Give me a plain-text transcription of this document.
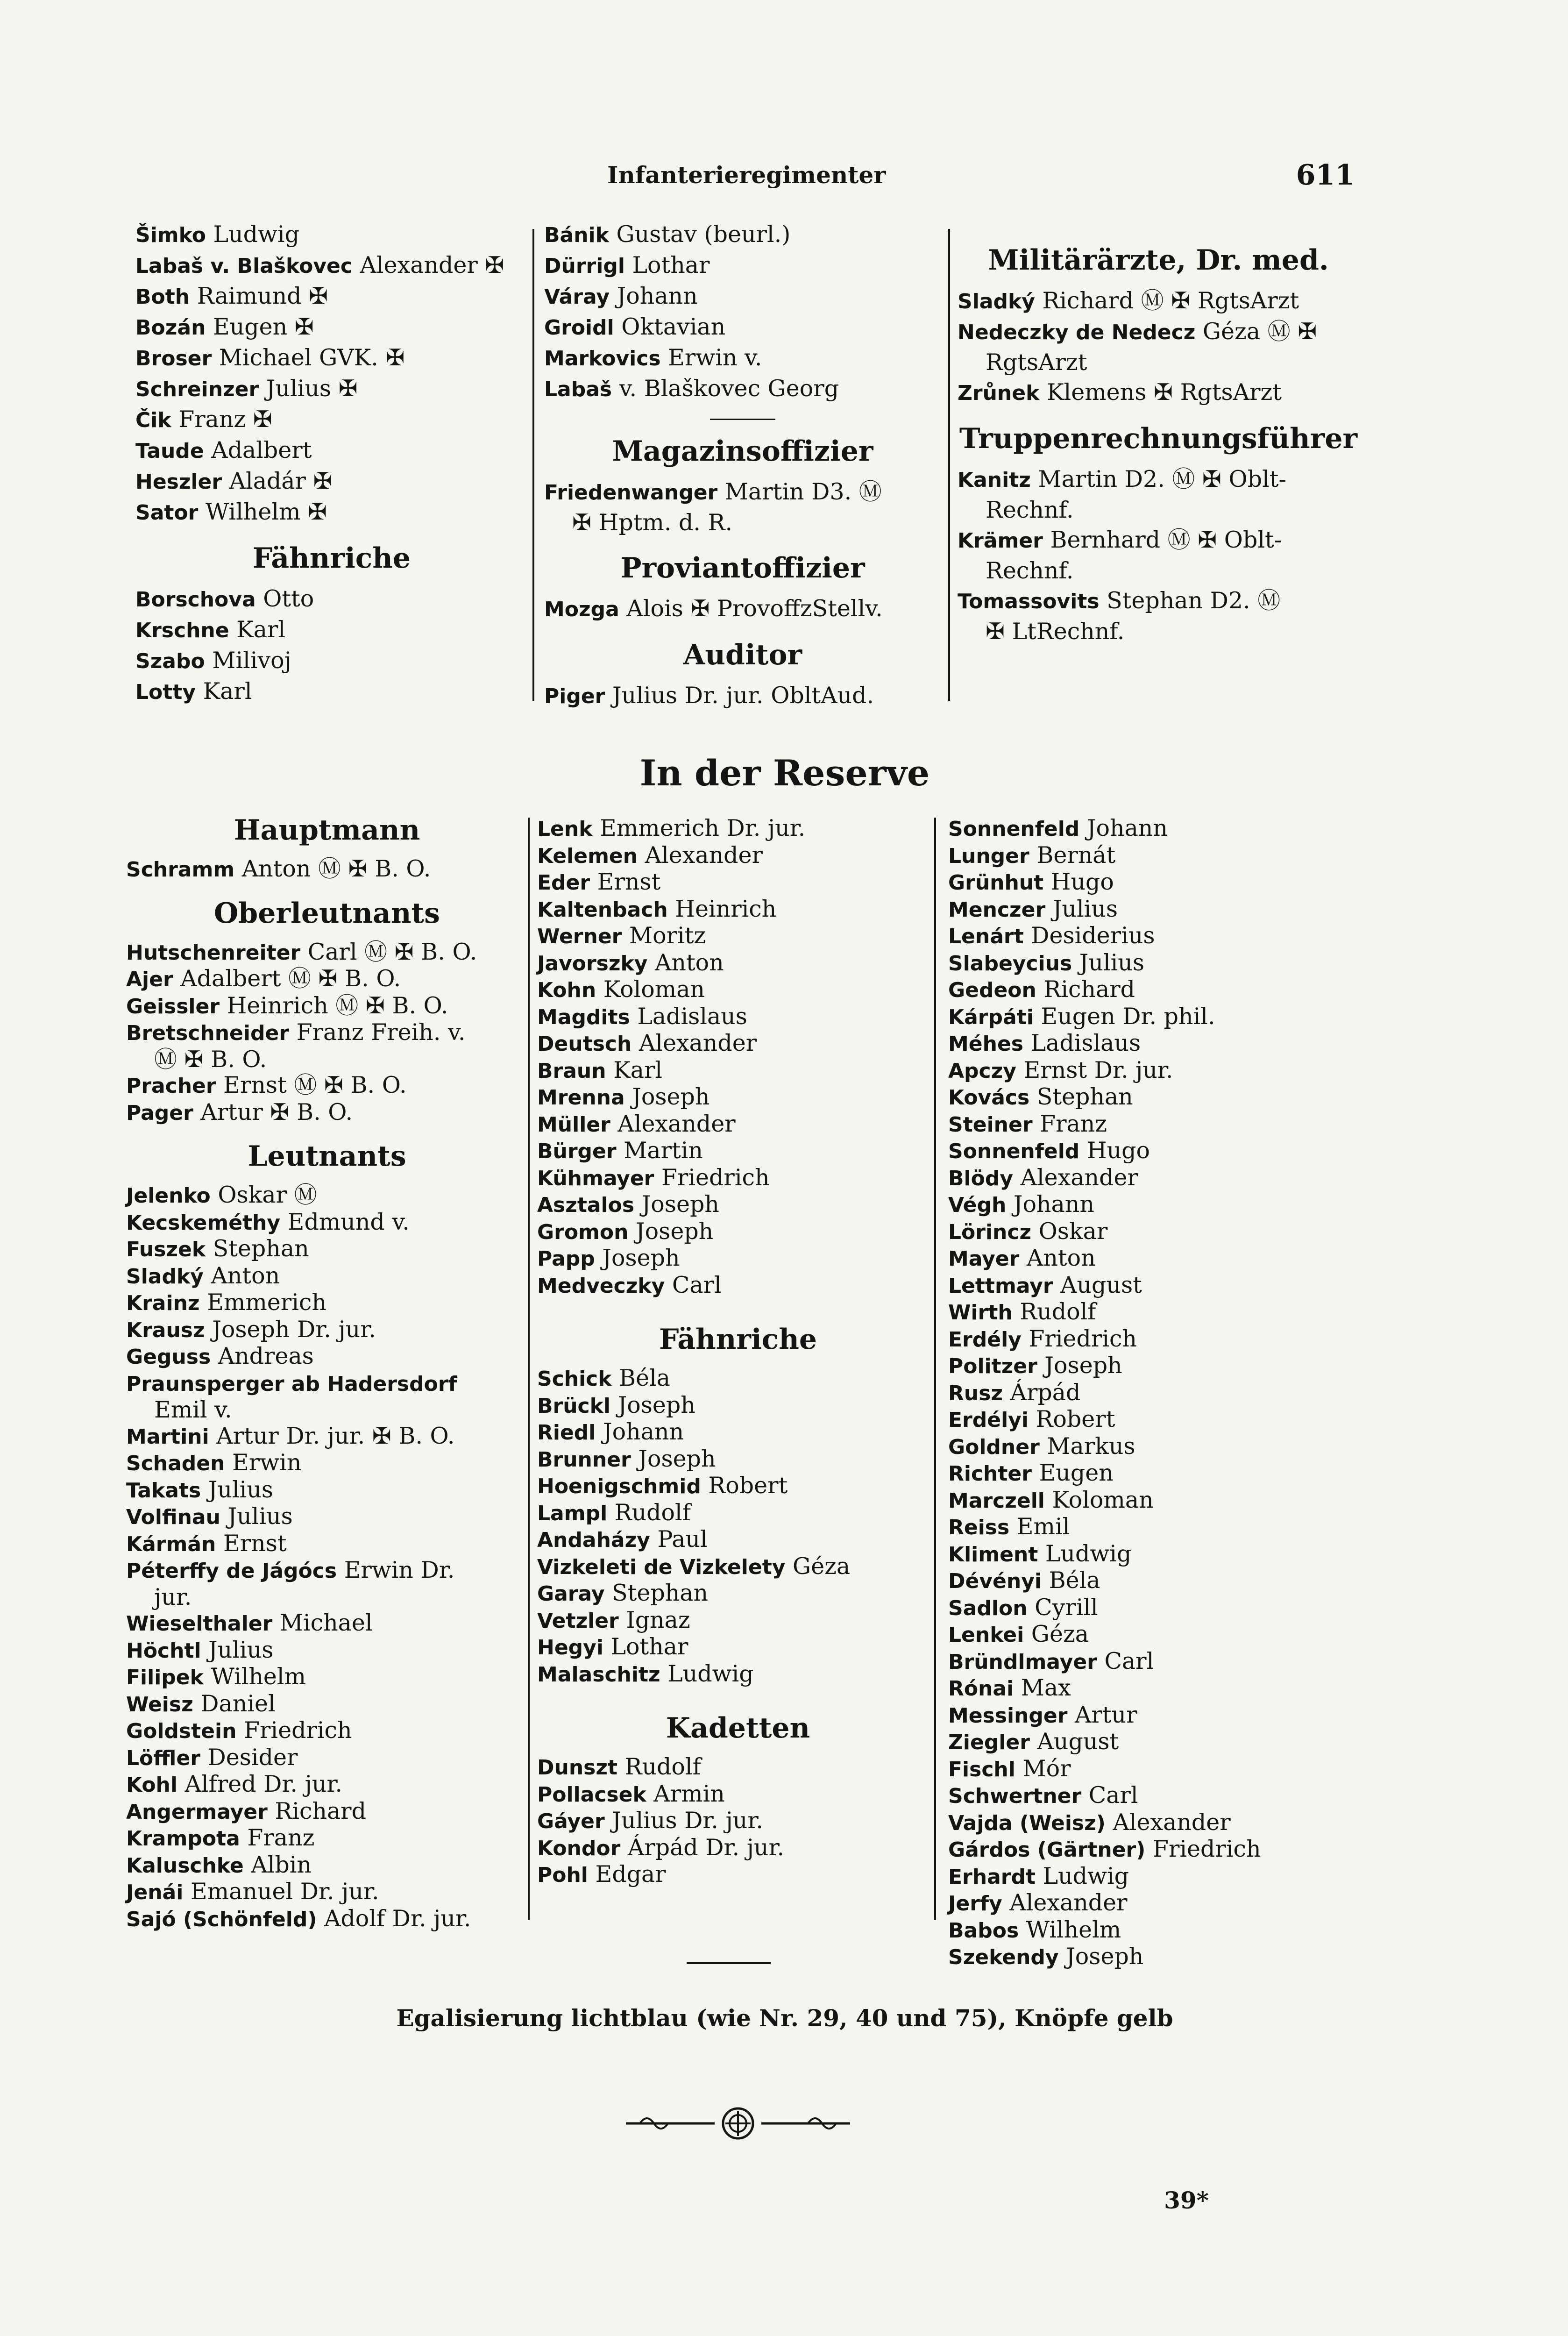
Infanterieregimenter	611
Šimko Ludwig
Labaš v. Blaškovec Alexander ✠
Both Raimund ✠
Bozán Eugen ✠
Broser Michael GVK. ✠
Schreinzer Julius ✠
Čik Franz ✠
Taude Adalbert
Heszler Aladár ✠
Sator Wilhelm ✠
Fähnriche
Borschova Otto
Krschne Karl
Szabo Milivoj
Lotty Karl
Bánik Gustav (beurl.)
Dürrigl Lothar
Váray Johann
Groidl Oktavian
Markovics Erwin v.
Labaš v. Blaškovec Georg
Magazinsoffizier
Friedenwanger Martin D3. Ⓜ
✠ Hptm. d. R.
Proviantoffizier
Mozga Alois ✠ ProvoffzStellv.
Auditor
Piger Julius Dr. jur. ObltAud.
Militärärzte, Dr. med.
Sladký Richard Ⓜ ✠ RgtsArzt
Nedeczky de Nedecz Géza Ⓜ ✠
RgtsArzt
Zrůnek Klemens ✠ RgtsArzt
Truppenrechnungsführer
Kanitz Martin D2. Ⓜ ✠ Oblt-
Rechnf.
Krämer Bernhard Ⓜ ✠ Oblt-
Rechnf.
Tomassovits Stephan D2. Ⓜ
✠ LtRechnf.
In der Reserve
Hauptmann
Schramm Anton Ⓜ ✠ B. O.
Oberleutnants
Hutschenreiter Carl Ⓜ ✠ B. O.
Ajer Adalbert Ⓜ ✠ B. O.
Geissler Heinrich Ⓜ ✠ B. O.
Bretschneider Franz Freih. v.
Ⓜ ✠ B. O.
Pracher Ernst Ⓜ ✠ B. O.
Pager Artur ✠ B. O.
Leutnants
Jelenko Oskar Ⓜ
Kecskeméthy Edmund v.
Fuszek Stephan
Sladký Anton
Krainz Emmerich
Krausz Joseph Dr. jur.
Geguss Andreas
Praunsperger ab Hadersdorf
Emil v.
Martini Artur Dr. jur. ✠ B. O.
Schaden Erwin
Takats Julius
Volfinau Julius
Kármán Ernst
Péterffy de Jágócs Erwin Dr.
jur.
Wieselthaler Michael
Höchtl Julius
Filipek Wilhelm
Weisz Daniel
Goldstein Friedrich
Löffler Desider
Kohl Alfred Dr. jur.
Angermayer Richard
Krampota Franz
Kaluschke Albin
Jenái Emanuel Dr. jur.
Sajó (Schönfeld) Adolf Dr. jur.
Lenk Emmerich Dr. jur.
Kelemen Alexander
Eder Ernst
Kaltenbach Heinrich
Werner Moritz
Javorszky Anton
Kohn Koloman
Magdits Ladislaus
Deutsch Alexander
Braun Karl
Mrenna Joseph
Müller Alexander
Bürger Martin
Kühmayer Friedrich
Asztalos Joseph
Gromon Joseph
Papp Joseph
Medveczky Carl
Fähnriche
Schick Béla
Brückl Joseph
Riedl Johann
Brunner Joseph
Hoenigschmid Robert
Lampl Rudolf
Andaházy Paul
Vizkeleti de Vizkelety Géza
Garay Stephan
Vetzler Ignaz
Hegyi Lothar
Malaschitz Ludwig
Kadetten
Dunszt Rudolf
Pollacsek Armin
Gáyer Julius Dr. jur.
Kondor Árpád Dr. jur.
Pohl Edgar
Sonnenfeld Johann
Lunger Bernát
Grünhut Hugo
Menczer Julius
Lenárt Desiderius
Slabeycius Julius
Gedeon Richard
Kárpáti Eugen Dr. phil.
Méhes Ladislaus
Apczy Ernst Dr. jur.
Kovács Stephan
Steiner Franz
Sonnenfeld Hugo
Blödy Alexander
Végh Johann
Lörincz Oskar
Mayer Anton
Lettmayr August
Wirth Rudolf
Erdély Friedrich
Politzer Joseph
Rusz Árpád
Erdélyi Robert
Goldner Markus
Richter Eugen
Marczell Koloman
Reiss Emil
Kliment Ludwig
Dévényi Béla
Sadlon Cyrill
Lenkei Géza
Bründlmayer Carl
Rónai Max
Messinger Artur
Ziegler August
Fischl Mór
Schwertner Carl
Vajda (Weisz) Alexander
Gárdos (Gärtner) Friedrich
Erhardt Ludwig
Jerfy Alexander
Babos Wilhelm
Szekendy Joseph
Egalisierung lichtblau (wie Nr. 29, 40 und 75), Knöpfe gelb
39*
